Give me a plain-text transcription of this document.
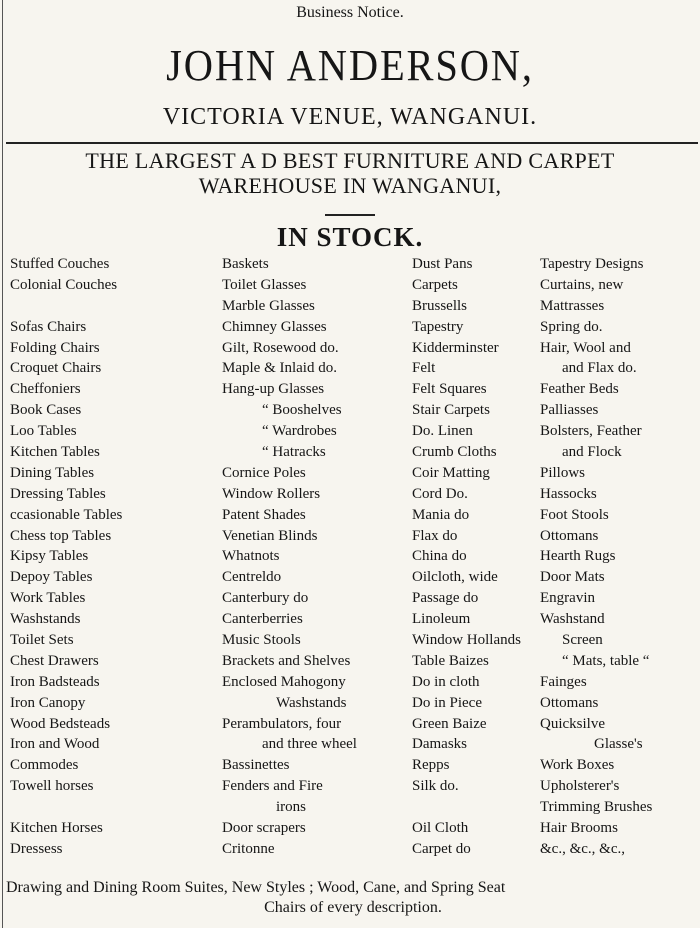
Business Notice.
JOHN ANDERSON,
VICTORIA VENUE, WANGANUI.
THE LARGEST A D BEST FURNITURE AND CARPET
WAREHOUSE IN WANGANUI,
IN STOCK.
Stuffed Couches
Colonial Couches
Sofas Chairs
Folding Chairs
Croquet Chairs
Cheffoniers
Book Cases
Loo Tables
Kitchen Tables
Dining Tables
Dressing Tables
ccasionable Tables
Chess top Tables
Kipsy Tables
Depoy Tables
Work Tables
Washstands
Toilet Sets
Chest Drawers
Iron Badsteads
Iron Canopy
Wood Bedsteads
Iron and Wood
Commodes
Towell horses
Kitchen Horses
Dressess
Baskets
Toilet Glasses
Marble Glasses
Chimney Glasses
Gilt, Rosewood do.
Maple & Inlaid do.
Hang-up Glasses
“ Booshelves
“ Wardrobes
“ Hatracks
Cornice Poles
Window Rollers
Patent Shades
Venetian Blinds
Whatnots
Centreldo
Canterbury do
Canterberries
Music Stools
Brackets and Shelves
Enclosed Mahogony
Washstands
Perambulators, four
and three wheel
Bassinettes
Fenders and Fire
irons
Door scrapers
Critonne
Dust Pans
Carpets
Brussells
Tapestry
Kidderminster
Felt
Felt Squares
Stair Carpets
Do. Linen
Crumb Cloths
Coir Matting
Cord Do.
Mania do
Flax do
China do
Oilcloth, wide
Passage do
Linoleum
Window Hollands
Table Baizes
Do in cloth
Do in Piece
Green Baize
Damasks
Repps
Silk do.
Oil Cloth
Carpet do
Tapestry Designs
Curtains, new
Mattrasses
Spring do.
Hair, Wool and
and Flax do.
Feather Beds
Palliasses
Bolsters, Feather
and Flock
Pillows
Hassocks
Foot Stools
Ottomans
Hearth Rugs
Door Mats
Engravin
Washstand
Screen
“ Mats, table “
Fainges
Ottomans
Quicksilve
Glasse's
Work Boxes
Upholsterer's
Trimming Brushes
Hair Brooms
&c., &c., &c.,
Drawing and Dining Room Suites, New Styles ; Wood, Cane, and Spring Seat
Chairs of every description.
